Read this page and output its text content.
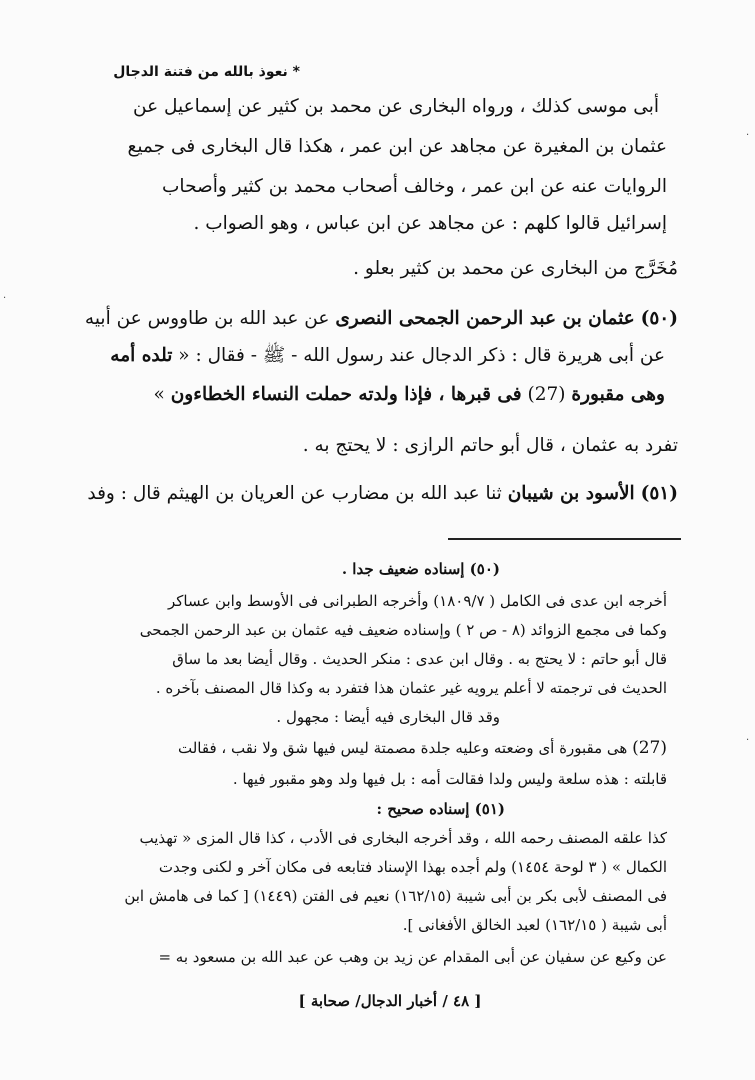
* نعوذ بالله من فتنة الدجال
أبى موسى كذلك ، ورواه البخارى عن محمد بن كثير عن إسماعيل عن
عثمان بن المغيرة عن مجاهد عن ابن عمر ، هكذا قال البخارى فى جميع
الروايات عنه عن ابن عمر ، وخالف أصحاب محمد بن كثير وأصحاب
إسرائيل قالوا كلهم : عن مجاهد عن ابن عباس ، وهو الصواب .
مُخَرَّج من البخارى عن محمد بن كثير بعلو .
(٥٠) عثمان بن عبد الرحمن الجمحى النصرى عن عبد الله بن طاووس عن أبيه
عن أبى هريرة قال : ذكر الدجال عند رسول الله - ﷺ - فقال : « تلده أمه
وهى مقبورة (27) فى قبرها ، فإذا ولدته حملت النساء الخطاءون »
تفرد به عثمان ، قال أبو حاتم الرازى : لا يحتج به .
(٥١) الأسود بن شيبان ثنا عبد الله بن مضارب عن العريان بن الهيثم قال : وفد
(٥٠) إسناده ضعيف جدا .
أخرجه ابن عدى فى الكامل ( ١٨٠٩/٧) وأخرجه الطبرانى فى الأوسط وابن عساكر
وكما فى مجمع الزوائد (٨ - ص ٢ ) وإسناده ضعيف فيه عثمان بن عبد الرحمن الجمحى
قال أبو حاتم : لا يحتج به . وقال ابن عدى : منكر الحديث . وقال أيضا بعد ما ساق
الحديث فى ترجمته لا أعلم يرويه غير عثمان هذا فتفرد به وكذا قال المصنف بآخره .
وقد قال البخارى فيه أيضا : مجهول .
(27) هى مقبورة أى وضعته وعليه جلدة مصمتة ليس فيها شق ولا نقب ، فقالت
قابلته : هذه سلعة وليس ولدا فقالت أمه : بل فيها ولد وهو مقبور فيها .
(٥١) إسناده صحيح :
كذا علقه المصنف رحمه الله ، وقد أخرجه البخارى فى الأدب ، كذا قال المزى « تهذيب
الكمال » ( ٣ لوحة ١٤٥٤) ولم أجده بهذا الإسناد فتابعه فى مكان آخر و لكنى وجدت
فى المصنف لأبى بكر بن أبى شيبة (١٦٢/١٥) نعيم فى الفتن (١٤٤٩) [ كما فى هامش ابن
أبى شيبة ( ١٦٢/١٥) لعبد الخالق الأفغانى ].
عن وكيع عن سفيان عن أبى المقدام عن زيد بن وهب عن عبد الله بن مسعود به =
[ ٤٨ / أخبار الدجال/ صحابة ]
‧
‧
‧
